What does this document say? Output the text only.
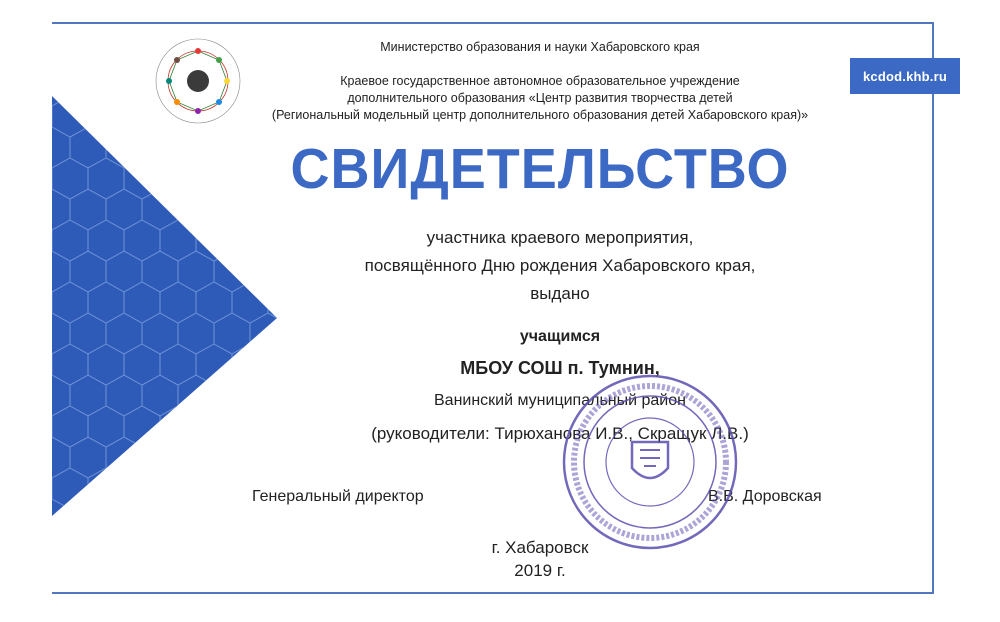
kcdod.khb.ru
Министерство образования и науки Хабаровского края
Краевое государственное автономное образовательное учреждение
дополнительного образования «Центр развития творчества детей
(Региональный модельный центр дополнительного образования детей Хабаровского края)»
СВИДЕТЕЛЬСТВО
участника краевого мероприятия,
посвящённого Дню рождения Хабаровского края,
выдано
учащимся
МБОУ СОШ п. Тумнин,
Ванинский муниципальный район
(руководители: Тирюханова И.В., Скращук Л.В.)
Генеральный директор	В.В. Доровская
г. Хабаровск
2019 г.
